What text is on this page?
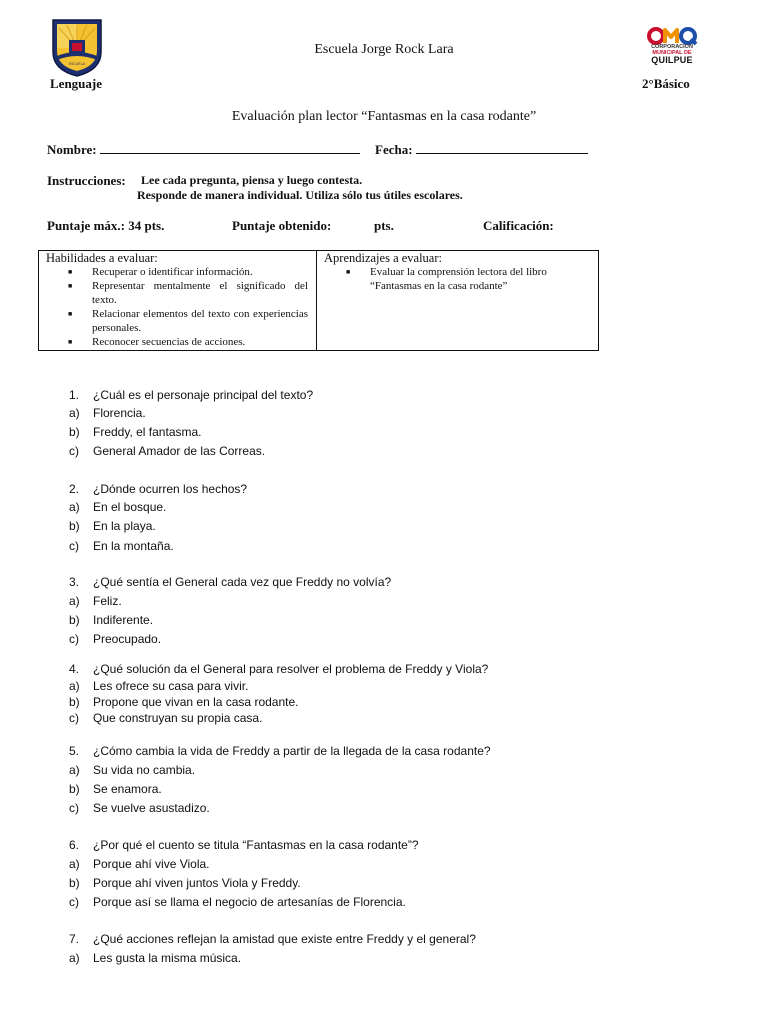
ESCUELA
Escuela Jorge Rock Lara
Lenguaje	2°Básico
CORPORACION
MUNICIPAL DE
QUILPUE
Evaluación plan lector “Fantasmas en la casa rodante”
Nombre:	Fecha:
Instrucciones: Lee cada pregunta, piensa y luego contesta.
Responde de manera individual. Utiliza sólo tus útiles escolares.
Puntaje máx.: 34 pts.	Puntaje obtenido:	pts.	Calificación:

Habilidades a evaluar:

■ Recuperar o identificar información.
■ Representar mentalmente el significado del texto.
■ Relacionar elementos del texto con experiencias personales.
■ Reconocer secuencias de acciones.

Aprendizajes a evaluar:

■ Evaluar la comprensión lectora del libro “Fantasmas en la casa rodante”
1. ¿Cuál es el personaje principal del texto?
a) Florencia.
b) Freddy, el fantasma.
c) General Amador de las Correas.
2. ¿Dónde ocurren los hechos?
a) En el bosque.
b) En la playa.
c) En la montaña.
3. ¿Qué sentía el General cada vez que Freddy no volvía?
a) Feliz.
b) Indiferente.
c) Preocupado.
4. ¿Qué solución da el General para resolver el problema de Freddy y Viola?
a) Les ofrece su casa para vivir.
b) Propone que vivan en la casa rodante.
c) Que construyan su propia casa.
5. ¿Cómo cambia la vida de Freddy a partir de la llegada de la casa rodante?
a) Su vida no cambia.
b) Se enamora.
c) Se vuelve asustadizo.
6. ¿Por qué el cuento se titula “Fantasmas en la casa rodante”?
a) Porque ahí vive Viola.
b) Porque ahí viven juntos Viola y Freddy.
c) Porque así se llama el negocio de artesanías de Florencia.
7. ¿Qué acciones reflejan la amistad que existe entre Freddy y el general?
a) Les gusta la misma música.
